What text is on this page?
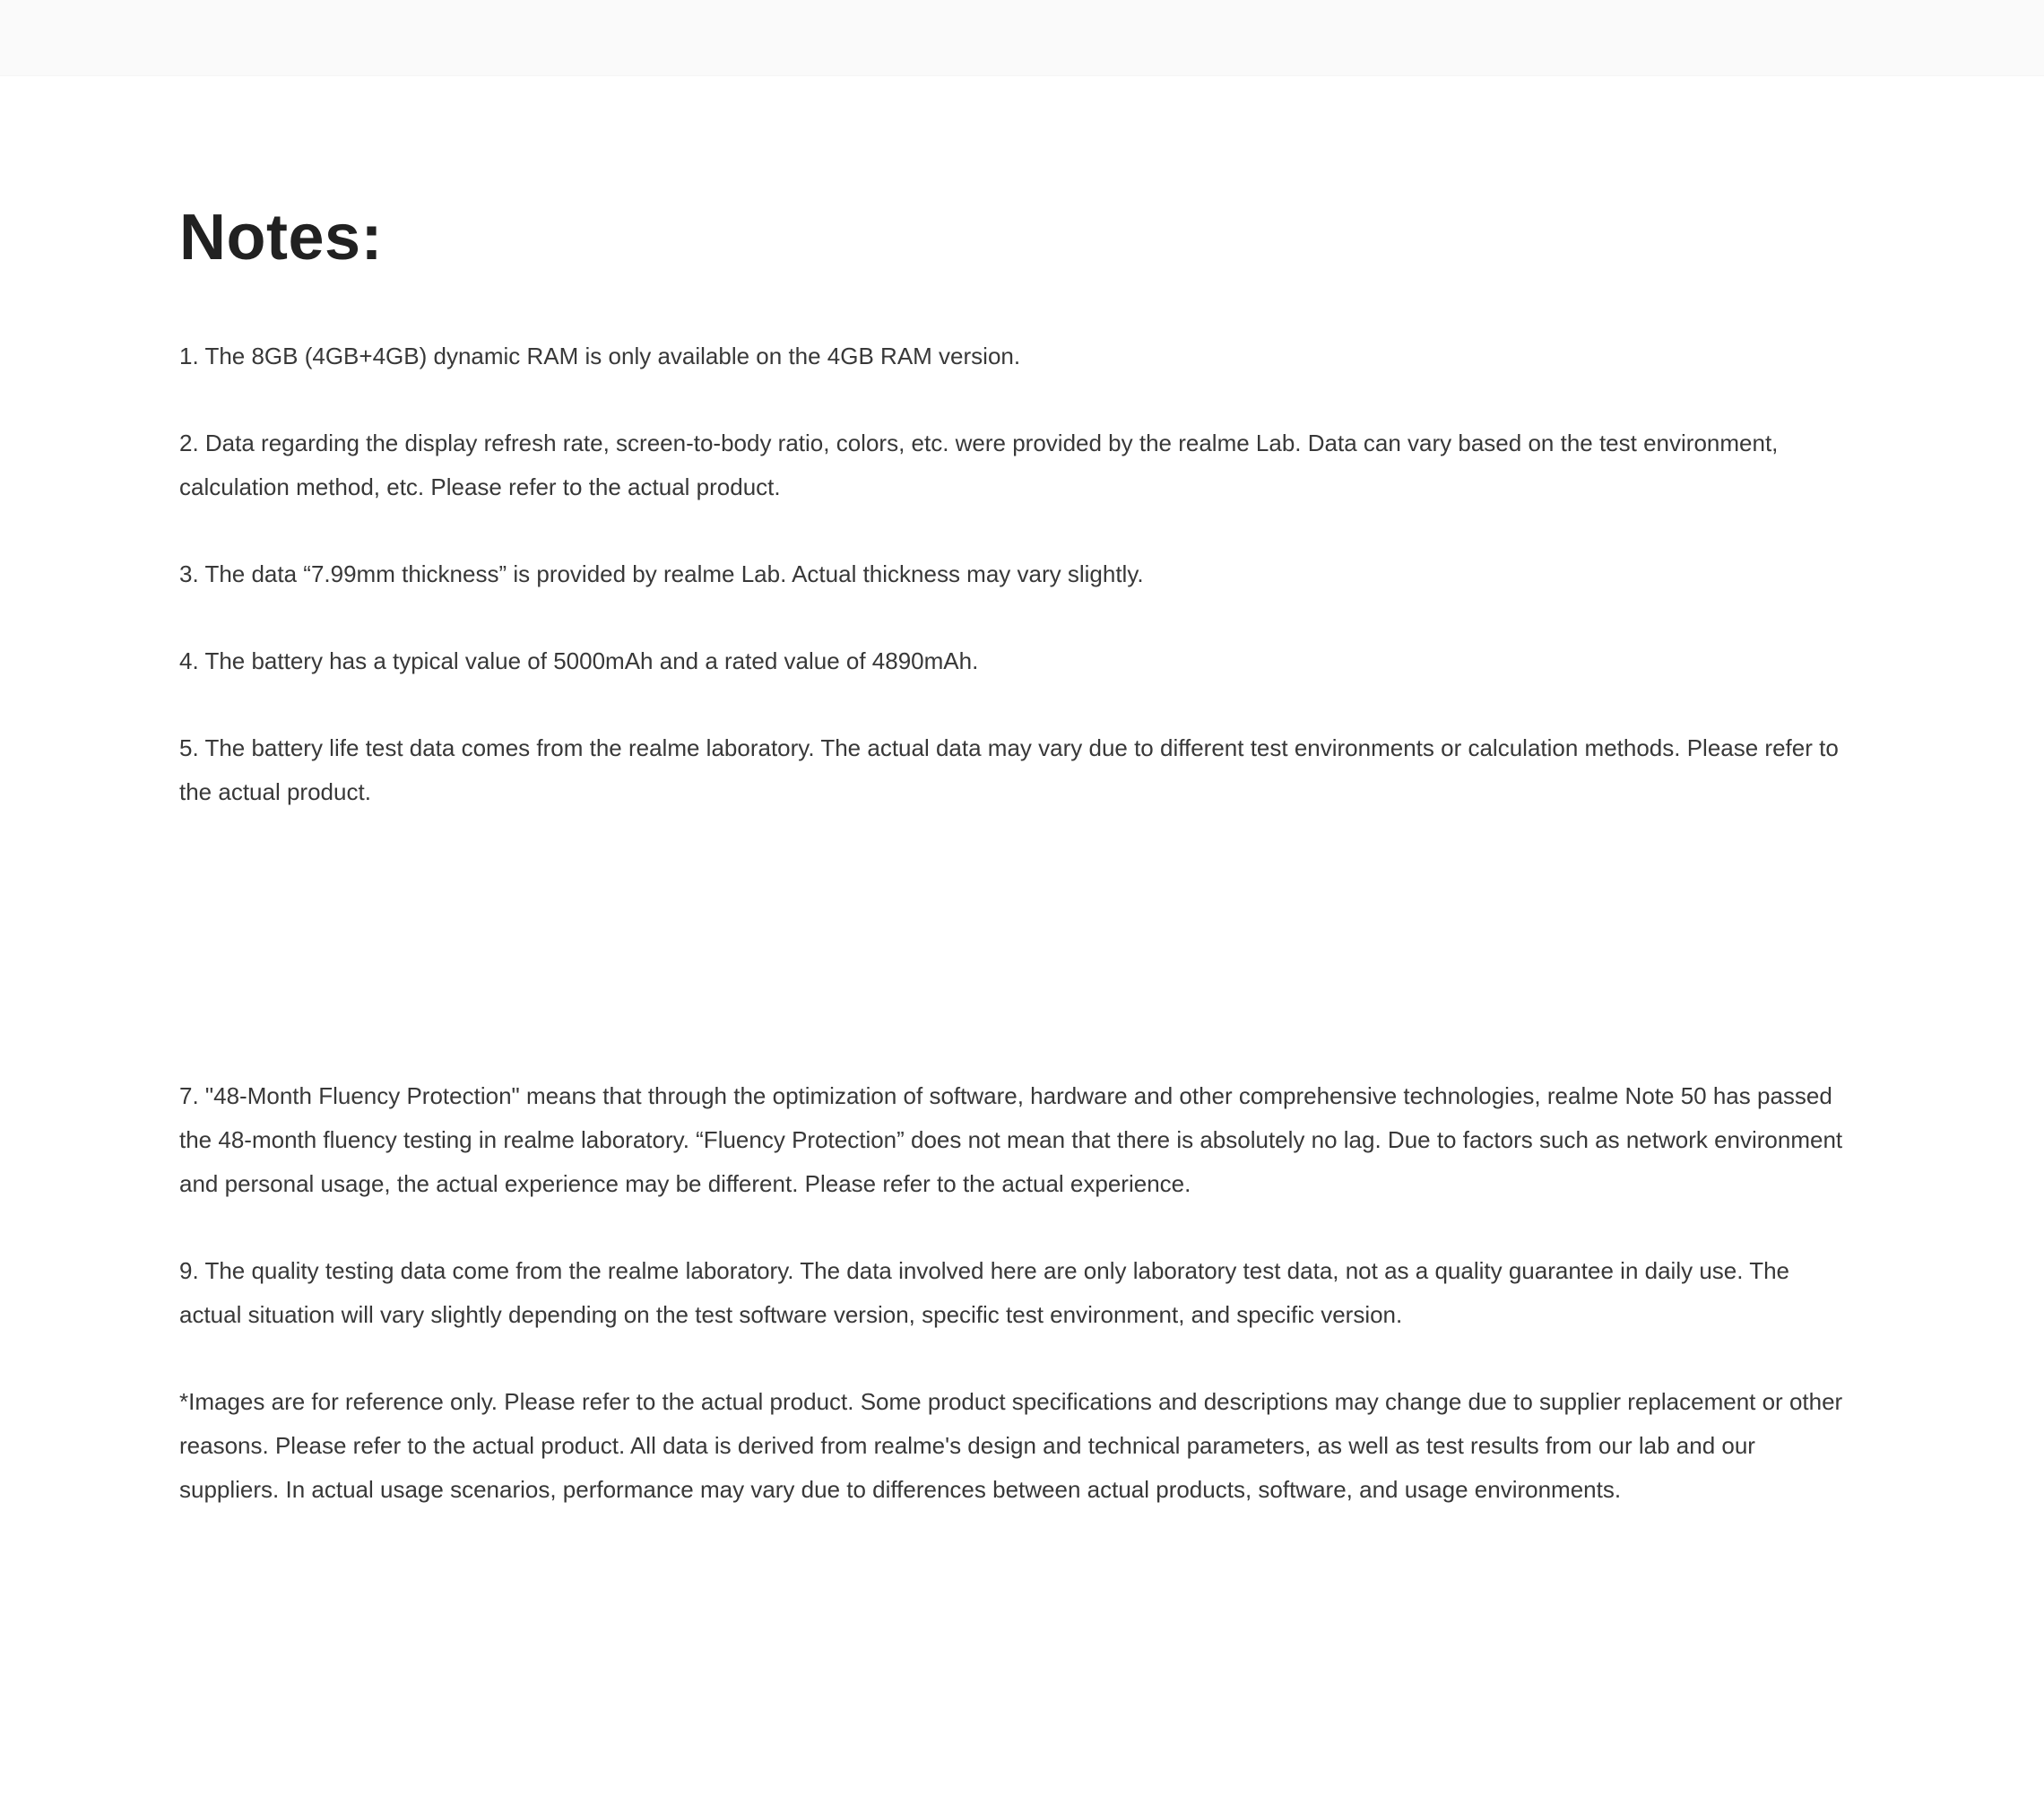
Notes:

1. The 8GB (4GB+4GB) dynamic RAM is only available on the 4GB RAM version.

2. Data regarding the display refresh rate, screen-to-body ratio, colors, etc. were provided by the realme Lab. Data can vary based on the test environment, calculation method, etc. Please refer to the actual product.

3. The data “7.99mm thickness” is provided by realme Lab. Actual thickness may vary slightly.

4. The battery has a typical value of 5000mAh and a rated value of 4890mAh.

5. The battery life test data comes from the realme laboratory. The actual data may vary due to different test environments or calculation methods. Please refer to the actual product.

7. "48-Month Fluency Protection" means that through the optimization of software, hardware and other comprehensive technologies, realme Note 50 has passed the 48-month fluency testing in realme laboratory. “Fluency Protection” does not mean that there is absolutely no lag. Due to factors such as network environment and personal usage, the actual experience may be different. Please refer to the actual experience.

9. The quality testing data come from the realme laboratory. The data involved here are only laboratory test data, not as a quality guarantee in daily use. The actual situation will vary slightly depending on the test software version, specific test environment, and specific version.

*Images are for reference only. Please refer to the actual product. Some product specifications and descriptions may change due to supplier replacement or other reasons. Please refer to the actual product. All data is derived from realme's design and technical parameters, as well as test results from our lab and our suppliers. In actual usage scenarios, performance may vary due to differences between actual products, software, and usage environments.
